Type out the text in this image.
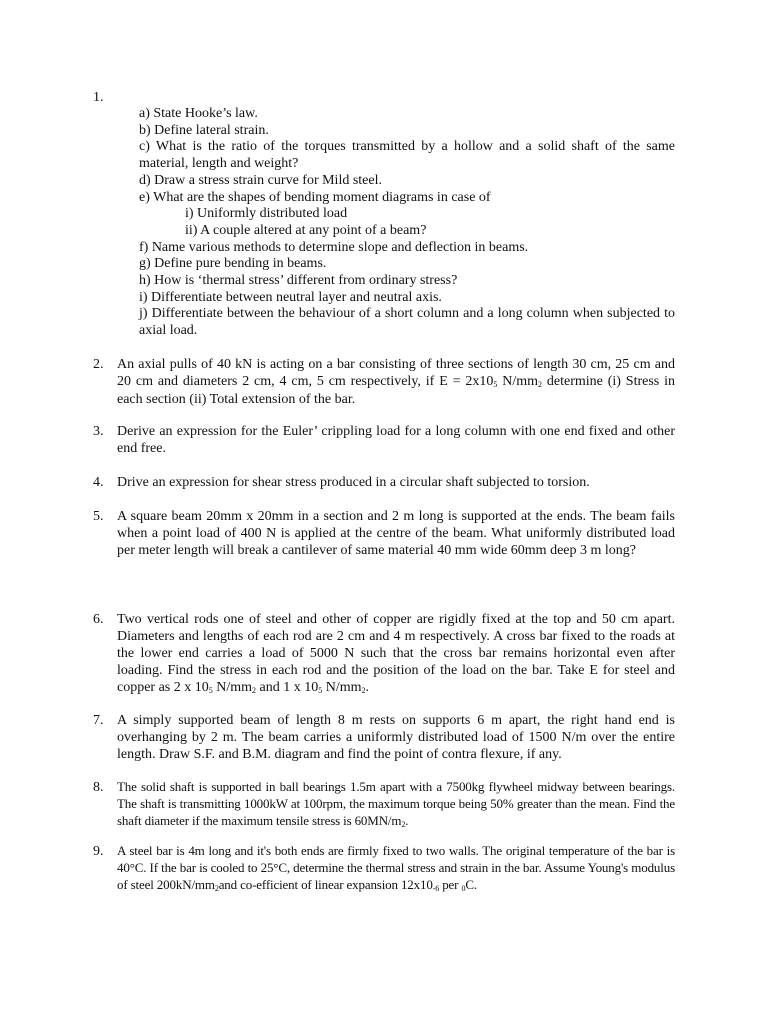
1.
a) State Hooke’s law.
b) Define lateral strain.
c) What is the ratio of the torques transmitted by a hollow and a solid shaft of the same material, length and weight?
d) Draw a stress strain curve for Mild steel.
e) What are the shapes of bending moment diagrams in case of
i) Uniformly distributed load
ii) A couple altered at any point of a beam?
f) Name various methods to determine slope and deflection in beams.
g) Define pure bending in beams.
h) How is ‘thermal stress’ different from ordinary stress?
i) Differentiate between neutral layer and neutral axis.
j) Differentiate between the behaviour of a short column and a long column when subjected to axial load.
2. An axial pulls of 40 kN is acting on a bar consisting of three sections of length 30 cm, 25 cm and 20 cm and diameters 2 cm, 4 cm, 5 cm respectively, if E = 2x105 N/mm2 determine (i) Stress in each section (ii) Total extension of the bar.
3. Derive an expression for the Euler’ crippling load for a long column with one end fixed and other end free.
4. Drive an expression for shear stress produced in a circular shaft subjected to torsion.
5. A square beam 20mm x 20mm in a section and 2 m long is supported at the ends. The beam fails when a point load of 400 N is applied at the centre of the beam. What uniformly distributed load per meter length will break a cantilever of same material 40 mm wide 60mm deep 3 m long?
6. Two vertical rods one of steel and other of copper are rigidly fixed at the top and 50 cm apart. Diameters and lengths of each rod are 2 cm and 4 m respectively. A cross bar fixed to the roads at the lower end carries a load of 5000 N such that the cross bar remains horizontal even after loading. Find the stress in each rod and the position of the load on the bar. Take E for steel and copper as 2 x 105 N/mm2 and 1 x 105 N/mm2.
7. A simply supported beam of length 8 m rests on supports 6 m apart, the right hand end is overhanging by 2 m. The beam carries a uniformly distributed load of 1500 N/m over the entire length. Draw S.F. and B.M. diagram and find the point of contra flexure, if any.
8. The solid shaft is supported in ball bearings 1.5m apart with a 7500kg flywheel midway between bearings. The shaft is transmitting 1000kW at 100rpm, the maximum torque being 50% greater than the mean. Find the shaft diameter if the maximum tensile stress is 60MN/m2.
9. A steel bar is 4m long and it's both ends are firmly fixed to two walls. The original temperature of the bar is 40°C. If the bar is cooled to 25°C, determine the thermal stress and strain in the bar. Assume Young's modulus of steel 200kN/mm2and co-efficient of linear expansion 12x10-6 per 0C.
